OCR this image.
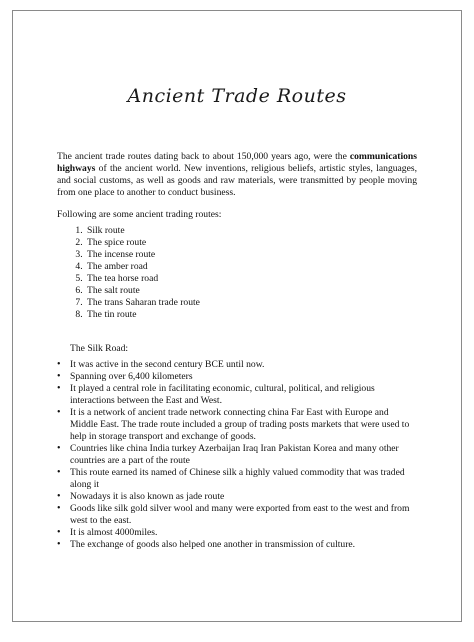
Ancient Trade Routes

The ancient trade routes dating back to about 150,000 years ago, were the communications highways of the ancient world. New inventions, religious beliefs, artistic styles, languages, and social customs, as well as goods and raw materials, were transmitted by people moving from one place to another to conduct business.

Following are some ancient trading routes:

1. Silk route
2. The spice route
3. The incense route
4. The amber road
5. The tea horse road
6. The salt route
7. The trans Saharan trade route
8. The tin route

The Silk Road:

• It was active in the second century BCE until now.
• Spanning over 6,400 kilometers
• It played a central role in facilitating economic, cultural, political, and religious interactions between the East and West.
• It is a network of ancient trade network connecting china Far East with Europe and Middle East. The trade route included a group of trading posts markets that were used to help in storage transport and exchange of goods.
• Countries like china India turkey Azerbaijan Iraq Iran Pakistan Korea and many other countries are a part of the route
• This route earned its named of Chinese silk a highly valued commodity that was traded along it
• Nowadays it is also known as jade route
• Goods like silk gold silver wool and many were exported from east to the west and from west to the east.
• It is almost 4000miles.
• The exchange of goods also helped one another in transmission of culture.
